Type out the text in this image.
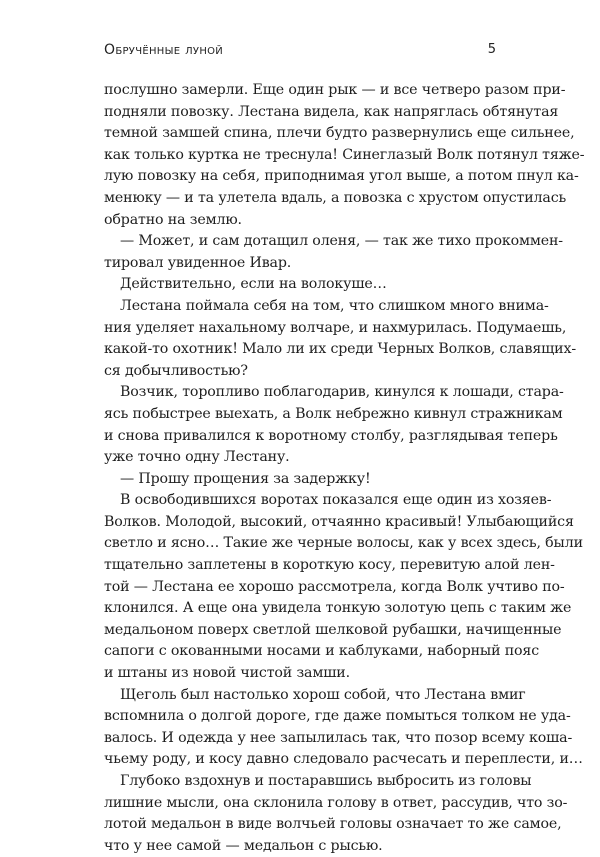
Обручённые луной	5
послушно замерли. Еще один рык — и все четверо разом при-
подняли повозку. Лестана видела, как напряглась обтянутая
темной замшей спина, плечи будто развернулись еще сильнее,
как только куртка не треснула! Синеглазый Волк потянул тяже-
лую повозку на себя, приподнимая угол выше, а потом пнул ка-
менюку — и та улетела вдаль, а повозка с хрустом опустилась
обратно на землю.
— Может, и сам дотащил оленя, — так же тихо прокоммен-
тировал увиденное Ивар.
Действительно, если на волокуше…
Лестана поймала себя на том, что слишком много внима-
ния уделяет нахальному волчаре, и нахмурилась. Подумаешь,
какой-то охотник! Мало ли их среди Черных Волков, славящих-
ся добычливостью?
Возчик, торопливо поблагодарив, кинулся к лошади, стара-
ясь побыстрее выехать, а Волк небрежно кивнул стражникам
и снова привалился к воротному столбу, разглядывая теперь
уже точно одну Лестану.
— Прошу прощения за задержку!
В освободившихся воротах показался еще один из хозяев-
Волков. Молодой, высокий, отчаянно красивый! Улыбающийся
светло и ясно… Такие же черные волосы, как у всех здесь, были
тщательно заплетены в короткую косу, перевитую алой лен-
той — Лестана ее хорошо рассмотрела, когда Волк учтиво по-
клонился. А еще она увидела тонкую золотую цепь с таким же
медальоном поверх светлой шелковой рубашки, начищенные
сапоги с окованными носами и каблуками, наборный пояс
и штаны из новой чистой замши.
Щеголь был настолько хорош собой, что Лестана вмиг
вспомнила о долгой дороге, где даже помыться толком не уда-
валось. И одежда у нее запылилась так, что позор всему коша-
чьему роду, и косу давно следовало расчесать и переплести, и…
Глубоко вздохнув и постаравшись выбросить из головы
лишние мысли, она склонила голову в ответ, рассудив, что зо-
лотой медальон в виде волчьей головы означает то же самое,
что у нее самой — медальон с рысью.
